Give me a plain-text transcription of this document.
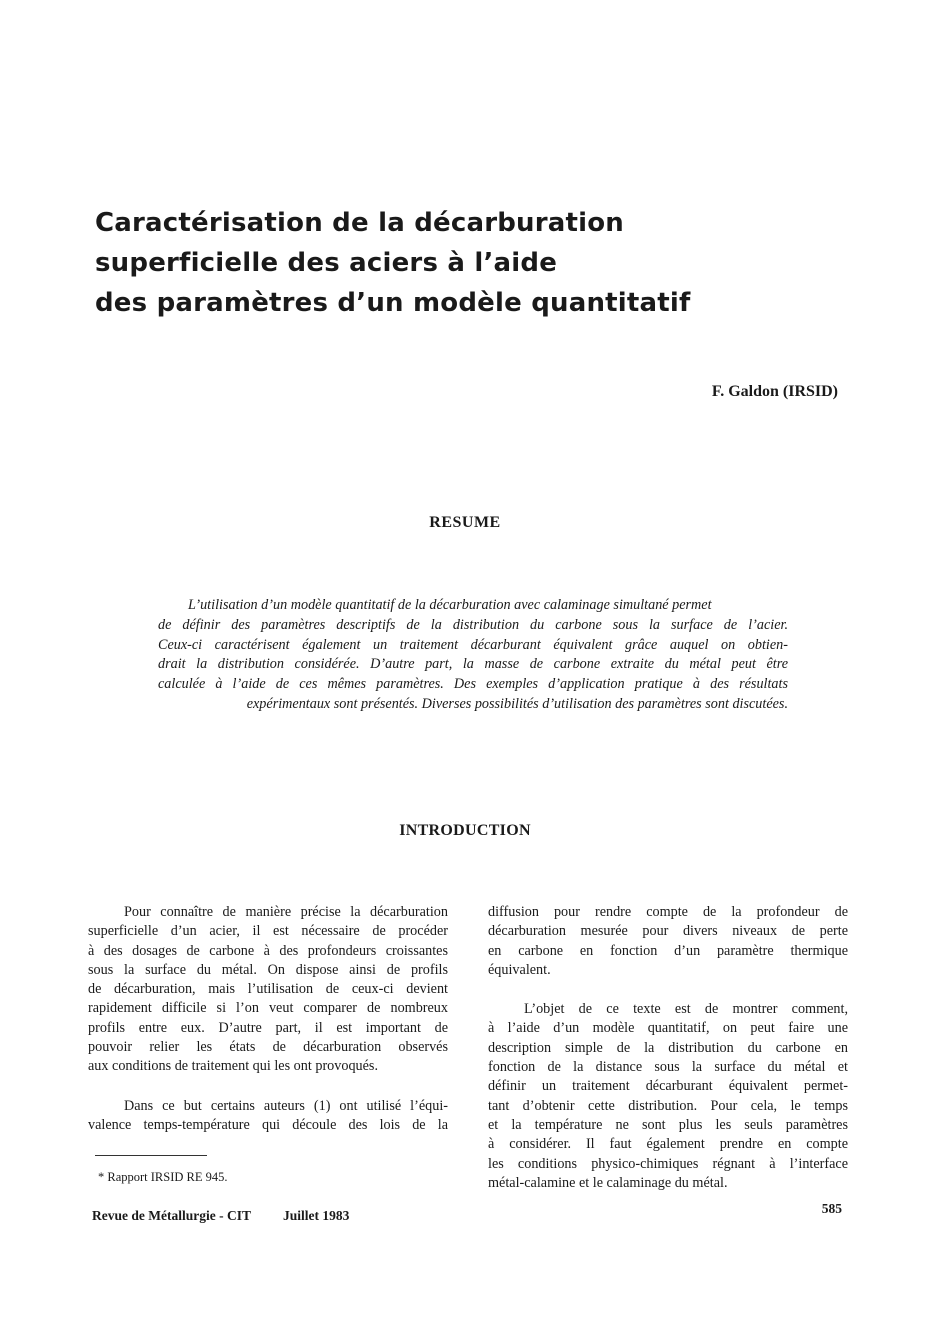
Caractérisation de la décarburation
superficielle des aciers à l’aide
des paramètres d’un modèle quantitatif
F. Galdon (IRSID)
RESUME
L’utilisation d’un modèle quantitatif de la décarburation avec calaminage simultané permet
de définir des paramètres descriptifs de la distribution du carbone sous la surface de l’acier.
Ceux-ci caractérisent également un traitement décarburant équivalent grâce auquel on obtien-
drait la distribution considérée. D’autre part, la masse de carbone extraite du métal peut être
calculée à l’aide de ces mêmes paramètres. Des exemples d’application pratique à des résultats
expérimentaux sont présentés. Diverses possibilités d’utilisation des paramètres sont discutées.
INTRODUCTION
Pour connaître de manière précise la décarburation
superficielle d’un acier, il est nécessaire de procéder
à des dosages de carbone à des profondeurs croissantes
sous la surface du métal. On dispose ainsi de profils
de décarburation, mais l’utilisation de ceux-ci devient
rapidement difficile si l’on veut comparer de nombreux
profils entre eux. D’autre part, il est important de
pouvoir relier les états de décarburation observés
aux conditions de traitement qui les ont provoqués.
Dans ce but certains auteurs (1) ont utilisé l’équi-
valence temps-température qui découle des lois de la
diffusion pour rendre compte de la profondeur de
décarburation mesurée pour divers niveaux de perte
en carbone en fonction d’un paramètre thermique
équivalent.
L’objet de ce texte est de montrer comment,
à l’aide d’un modèle quantitatif, on peut faire une
description simple de la distribution du carbone en
fonction de la distance sous la surface du métal et
définir un traitement décarburant équivalent permet-
tant d’obtenir cette distribution. Pour cela, le temps
et la température ne sont plus les seuls paramètres
à considérer. Il faut également prendre en compte
les conditions physico-chimiques régnant à l’interface
métal-calamine et le calaminage du métal.
* Rapport IRSID RE 945.
Revue de Métallurgie - CIT Juillet 1983	585
